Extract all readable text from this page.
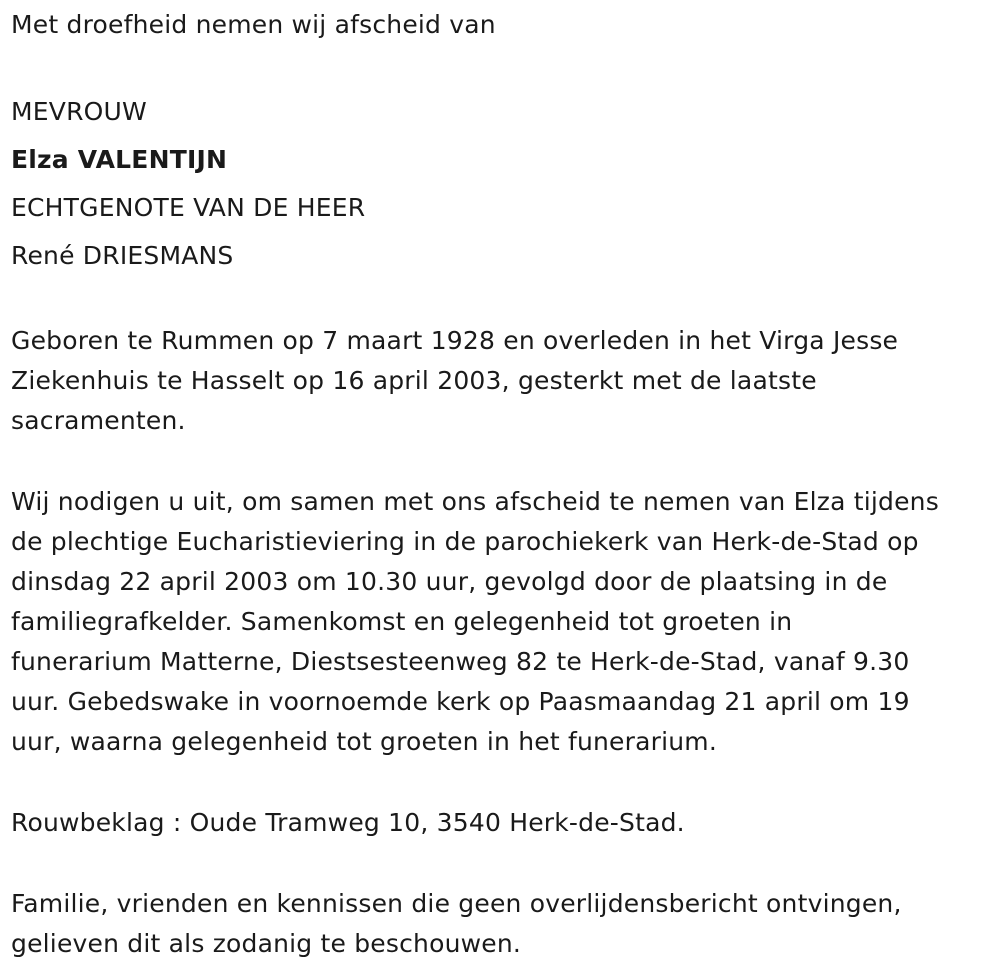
Met droefheid nemen wij afscheid van
MEVROUW
Elza VALENTIJN
ECHTGENOTE VAN DE HEER
René DRIESMANS
Geboren te Rummen op 7 maart 1928 en overleden in het Virga Jesse
Ziekenhuis te Hasselt op 16 april 2003, gesterkt met de laatste
sacramenten.
Wij nodigen u uit, om samen met ons afscheid te nemen van Elza tijdens
de plechtige Eucharistieviering in de parochiekerk van Herk-de-Stad op
dinsdag 22 april 2003 om 10.30 uur, gevolgd door de plaatsing in de
familiegrafkelder. Samenkomst en gelegenheid tot groeten in
funerarium Matterne, Diestsesteenweg 82 te Herk-de-Stad, vanaf 9.30
uur. Gebedswake in voornoemde kerk op Paasmaandag 21 april om 19
uur, waarna gelegenheid tot groeten in het funerarium.
Rouwbeklag : Oude Tramweg 10, 3540 Herk-de-Stad.
Familie, vrienden en kennissen die geen overlijdensbericht ontvingen,
gelieven dit als zodanig te beschouwen.
